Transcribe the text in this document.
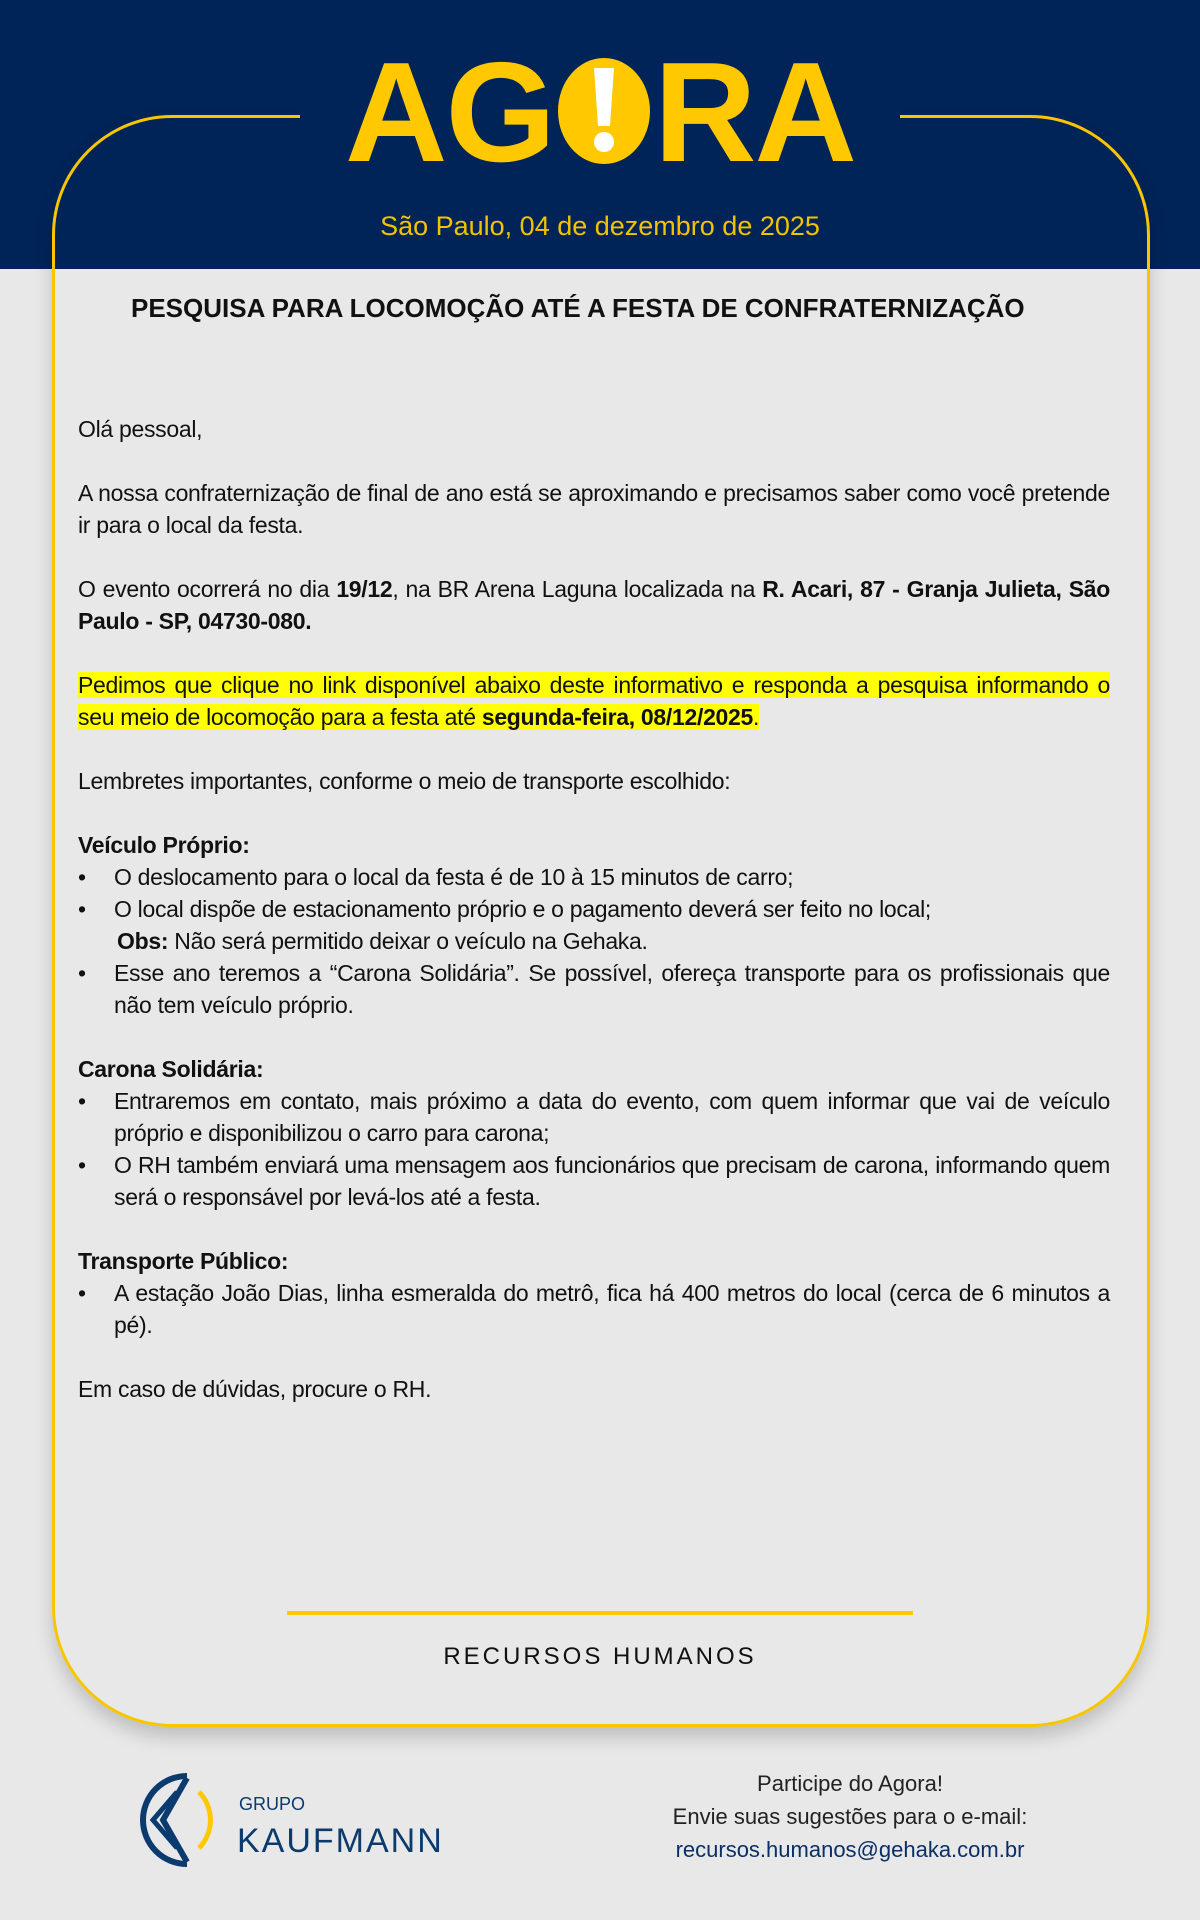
AG RA
São Paulo, 04 de dezembro de 2025
PESQUISA PARA LOCOMOÇÃO ATÉ A FESTA DE CONFRATERNIZAÇÃO

Olá pessoal,

A nossa confraternização de final de ano está se aproximando e precisamos saber como você pretende ir para o local da festa.

O evento ocorrerá no dia 19/12, na BR Arena Laguna localizada na R. Acari, 87 - Granja Julieta, São Paulo - SP, 04730-080.

Pedimos que clique no link disponível abaixo deste informativo e responda a pesquisa informando o seu meio de locomoção para a festa até segunda-feira, 08/12/2025.

Lembretes importantes, conforme o meio de transporte escolhido:

Veículo Próprio:
• O deslocamento para o local da festa é de 10 à 15 minutos de carro;
• O local dispõe de estacionamento próprio e o pagamento deverá ser feito no local;
Obs: Não será permitido deixar o veículo na Gehaka.
• Esse ano teremos a “Carona Solidária”. Se possível, ofereça transporte para os profissionais que não tem veículo próprio.
Carona Solidária:
• Entraremos em contato, mais próximo a data do evento, com quem informar que vai de veículo próprio e disponibilizou o carro para carona;
• O RH também enviará uma mensagem aos funcionários que precisam de carona, informando quem será o responsável por levá-los até a festa.
Transporte Público:
• A estação João Dias, linha esmeralda do metrô, fica há 400 metros do local (cerca de 6 minutos a pé).

Em caso de dúvidas, procure o RH.

RECURSOS HUMANOS
GRUPO
KAUFMANN
Participe do Agora!
Envie suas sugestões para o e-mail:
recursos.humanos@gehaka.com.br
